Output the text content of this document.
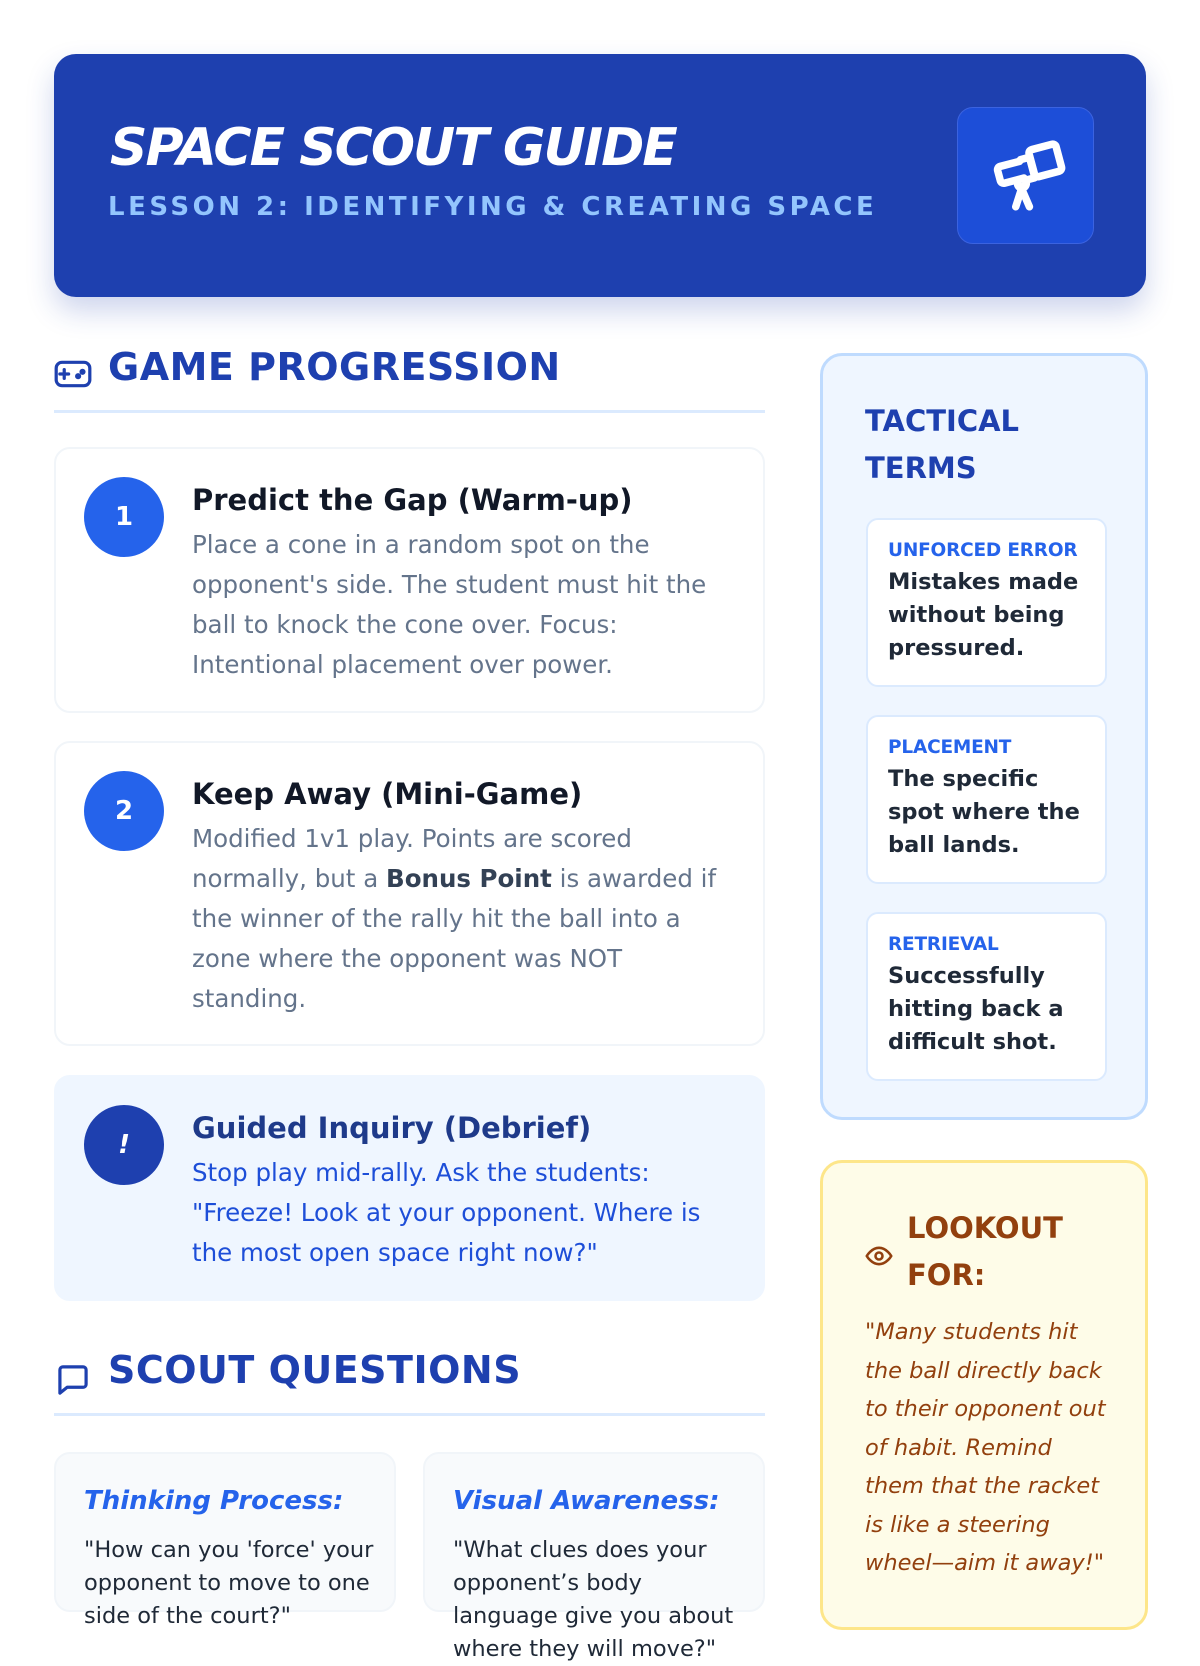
SPACE SCOUT GUIDE
LESSON 2: IDENTIFYING & CREATING SPACE
GAME PROGRESSION
1	Predict the Gap (Warm-up)
Place a cone in a random spot on the opponent's side. The student must hit the ball to knock the cone over. Focus: Intentional placement over power.
2	Keep Away (Mini-Game)
Modified 1v1 play. Points are scored normally, but a Bonus Point is awarded if the winner of the rally hit the ball into a zone where the opponent was NOT standing.
!	Guided Inquiry (Debrief)
Stop play mid-rally. Ask the students: "Freeze! Look at your opponent. Where is the most open space right now?"
SCOUT QUESTIONS
Thinking Process:
"How can you 'force' your opponent to move to one side of the court?"
Visual Awareness:
"What clues does your opponent’s body language give you about where they will move?"
TACTICAL TERMS
UNFORCED ERROR
Mistakes made without being pressured.
PLACEMENT
The specific spot where the ball lands.
RETRIEVAL
Successfully hitting back a difficult shot.
LOOKOUT FOR:
"Many students hit the ball directly back to their opponent out of habit. Remind them that the racket is like a steering wheel—aim it away!"
